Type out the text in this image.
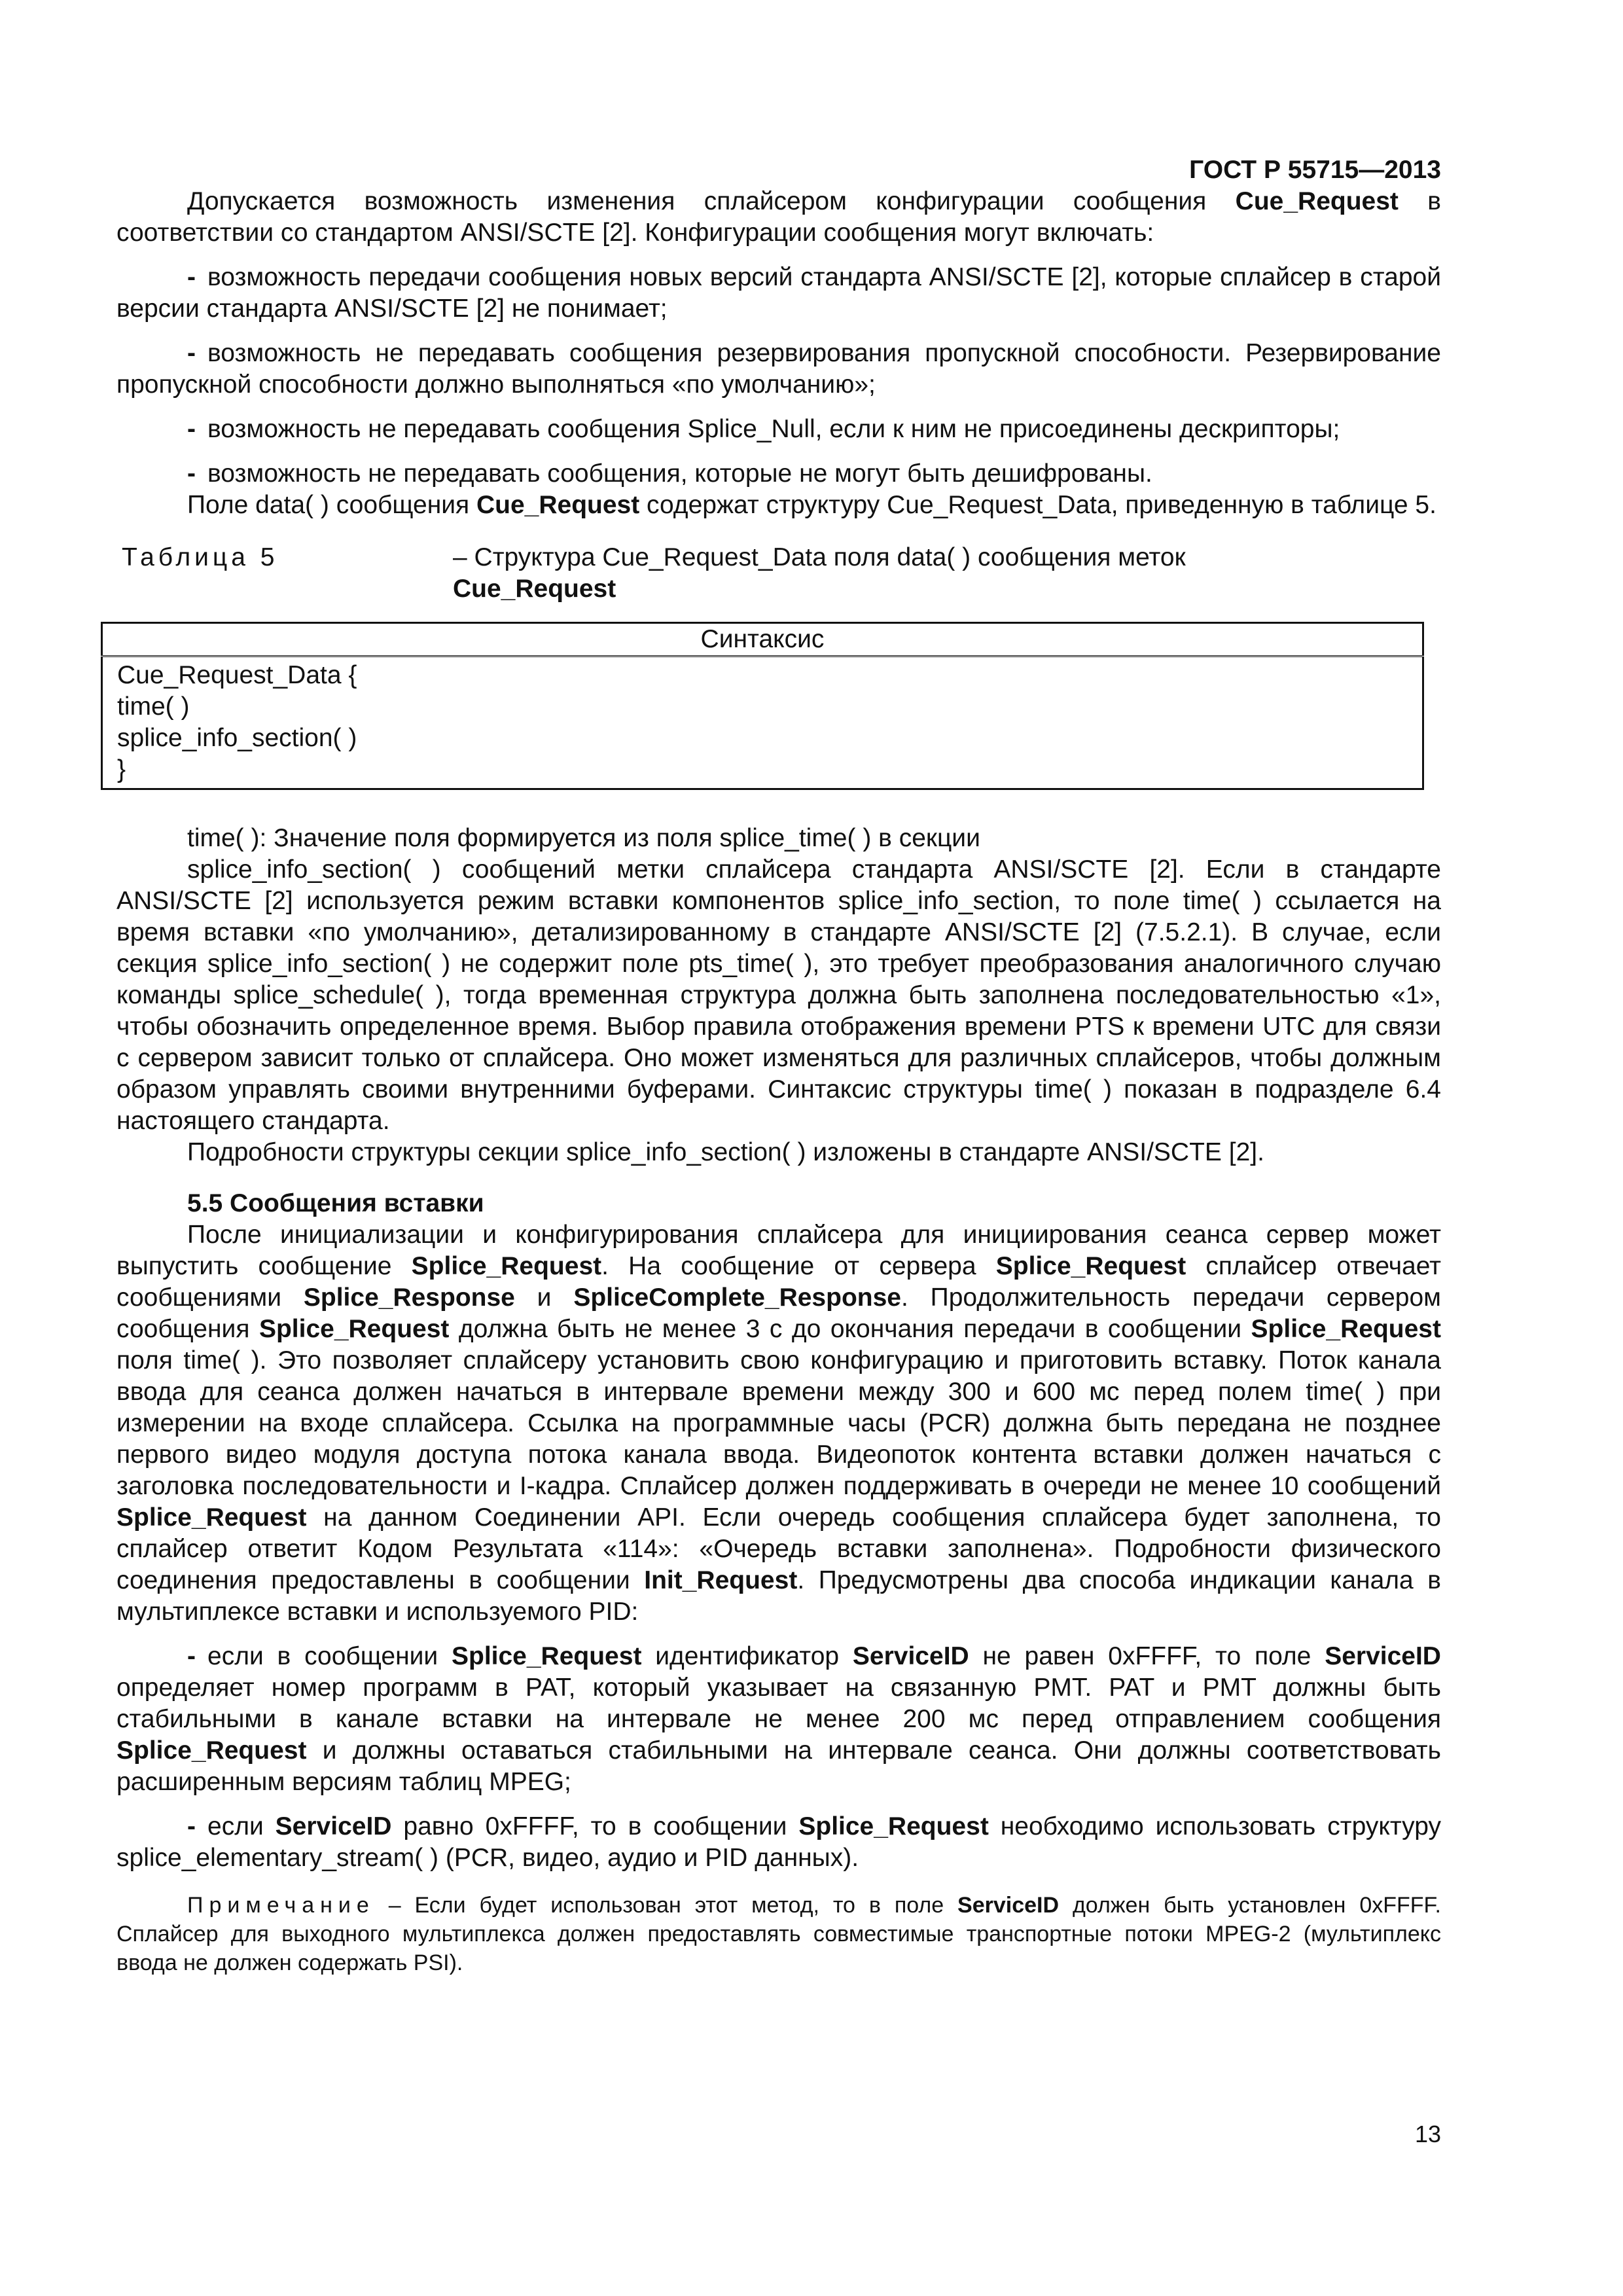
ГОСТ Р 55715—2013

Допускается возможность изменения сплайсером конфигурации сообщения Cue_Request в соответствии со стандартом ANSI/SCTE [2]. Конфигурации сообщения могут включать:

- возможность передачи сообщения новых версий стандарта ANSI/SCTE [2], которые сплайсер в старой версии стандарта ANSI/SCTE [2] не понимает;

- возможность не передавать сообщения резервирования пропускной способности. Резервирование пропускной способности должно выполняться «по умолчанию»;

- возможность не передавать сообщения Splice_Null, если к ним не присоединены дескрипторы;

- возможность не передавать сообщения, которые не могут быть дешифрованы.

Поле data( ) сообщения Cue_Request содержат структуру Cue_Request_Data, приведенную в таблице 5.

Таблица 5	– Структура Cue_Request_Data поля data( ) сообщения меток
Cue_Request
Синтаксис

Cue_Request_Data {
time( )
splice_info_section( )
}

time( ): Значение поля формируется из поля splice_time( ) в секции

splice_info_section( ) сообщений метки сплайсера стандарта ANSI/SCTE [2]. Если в стандарте ANSI/SCTE [2] используется режим вставки компонентов splice_info_section, то поле time( ) ссылается на время вставки «по умолчанию», детализированному в стандарте ANSI/SCTE [2] (7.5.2.1). В случае, если секция splice_info_section( ) не содержит поле pts_time( ), это требует преобразования аналогичного случаю команды splice_schedule( ), тогда временная структура должна быть заполнена последовательностью «1», чтобы обозначить определенное время. Выбор правила отображения времени PTS к времени UTC для связи с сервером зависит только от сплайсера. Оно может изменяться для различных сплайсеров, чтобы должным образом управлять своими внутренними буферами. Синтаксис структуры time( ) показан в подразделе 6.4 настоящего стандарта.

Подробности структуры секции splice_info_section( ) изложены в стандарте ANSI/SCTE [2].

5.5 Сообщения вставки

После инициализации и конфигурирования сплайсера для инициирования сеанса сервер может выпустить сообщение Splice_Request. На сообщение от сервера Splice_Request сплайсер отвечает сообщениями Splice_Response и SpliceComplete_Response. Продолжительность передачи сервером сообщения Splice_Request должна быть не менее 3 с до окончания передачи в сообщении Splice_Request поля time( ). Это позволяет сплайсеру установить свою конфигурацию и приготовить вставку. Поток канала ввода для сеанса должен начаться в интервале времени между 300 и 600 мс перед полем time( ) при измерении на входе сплайсера. Ссылка на программные часы (PCR) должна быть передана не позднее первого видео модуля доступа потока канала ввода. Видеопоток контента вставки должен начаться с заголовка последовательности и I-кадра. Сплайсер должен поддерживать в очереди не менее 10 сообщений Splice_Request на данном Соединении API. Если очередь сообщения сплайсера будет заполнена, то сплайсер ответит Кодом Результата «114»: «Очередь вставки заполнена». Подробности физического соединения предоставлены в сообщении Init_Request. Предусмотрены два способа индикации канала в мультиплексе вставки и используемого PID:

- если в сообщении Splice_Request идентификатор ServiceID не равен 0xFFFF, то поле ServiceID определяет номер программ в PAT, который указывает на связанную PMT. PAT и PMT должны быть стабильными в канале вставки на интервале не менее 200 мс перед отправлением сообщения Splice_Request и должны оставаться стабильными на интервале сеанса. Они должны соответствовать расширенным версиям таблиц MPEG;

- если ServiceID равно 0xFFFF, то в сообщении Splice_Request необходимо использовать структуру splice_elementary_stream( ) (PCR, видео, аудио и PID данных).

Примечание – Если будет использован этот метод, то в поле ServiceID должен быть установлен 0xFFFF. Сплайсер для выходного мультиплекса должен предоставлять совместимые транспортные потоки MPEG-2 (мультиплекс ввода не должен содержать PSI).

13
